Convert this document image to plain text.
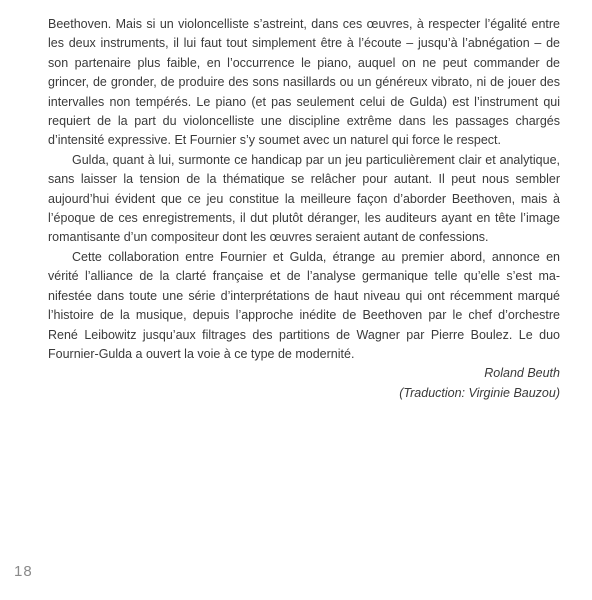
Beethoven. Mais si un violoncelliste s’astreint, dans ces œuvres, à respecter l’égalité entre les deux instruments, il lui faut tout simplement être à l’écoute – jusqu’à l’abnégation – de son partenaire plus faible, en l’occurrence le piano, auquel on ne peut commander de grincer, de gronder, de produire des sons nasillards ou un généreux vibrato, ni de jouer des intervalles non tempérés. Le piano (et pas seulement celui de Gulda) est l’instrument qui requiert de la part du violoncelliste une discipline extrême dans les passages chargés d’intensité expressive. Et Fournier s’y soumet avec un naturel qui force le respect.

Gulda, quant à lui, surmonte ce handicap par un jeu particulièrement clair et analytique, sans laisser la tension de la thématique se relâcher pour autant. Il peut nous sembler aujourd’hui évident que ce jeu constitue la meilleure façon d’aborder Beethoven, mais à l’époque de ces enregistrements, il dut plutôt déranger, les auditeurs ayant en tête l’image romantisante d’un compositeur dont les œuvres seraient autant de confessions.

Cette collaboration entre Fournier et Gulda, étrange au premier abord, annonce en vérité l’alliance de la clarté française et de l’analyse germanique telle qu’elle s’est manifestée dans toute une série d’interprétations de haut niveau qui ont récemment marqué l’histoire de la musique, depuis l’approche inédite de Beethoven par le chef d’orchestre René Leibowitz jusqu’aux filtrages des partitions de Wagner par Pierre Boulez. Le duo Fournier-Gulda a ouvert la voie à ce type de modernité.

Roland Beuth

(Traduction: Virginie Bauzou)

18
